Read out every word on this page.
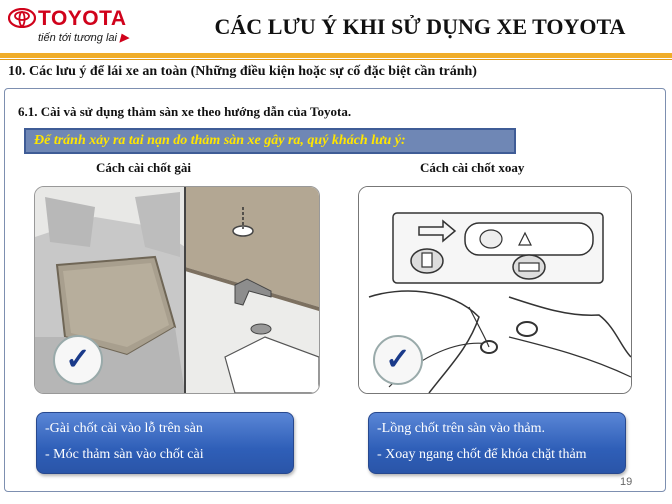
TOYOTA
tiến tới tương lai ▶	CÁC LƯU Ý KHI SỬ DỤNG XE TOYOTA
10. Các lưu ý để lái xe an toàn (Những điều kiện hoặc sự cố đặc biệt cần tránh)
6.1. Cài và sử dụng thảm sàn xe theo hướng dẫn của Toyota.
Để tránh xảy ra tai nạn do thảm sàn xe gây ra, quý khách lưu ý:
Cách cài chốt gài	Cách cài chốt xoay
✓	✓
-Gài chốt cài vào lỗ trên sàn
- Móc thảm sàn vào chốt cài
-Lồng chốt trên sàn vào thảm.
- Xoay ngang chốt để khóa chặt thảm
19
